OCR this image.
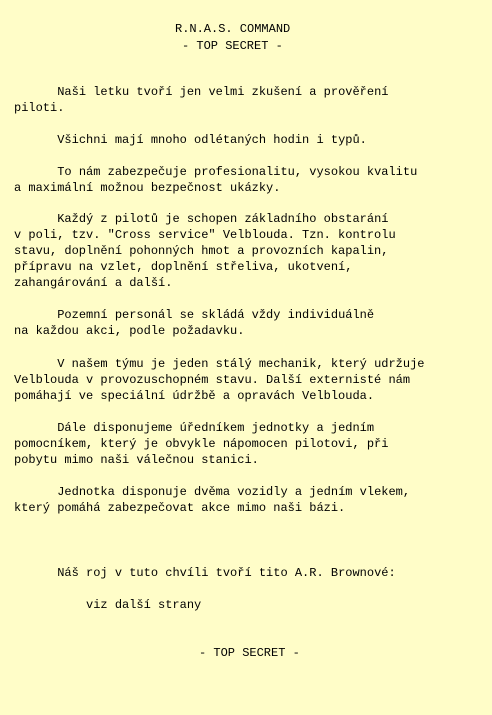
R.N.A.S. COMMAND
- TOP SECRET -

Naši letku tvoří jen velmi zkušení a prověření
piloti.

Všichni mají mnoho odlétaných hodin i typů.

To nám zabezpečuje profesionalitu, vysokou kvalitu
a maximální možnou bezpečnost ukázky.

Každý z pilotů je schopen základního obstarání
v poli, tzv. "Cross service" Velblouda. Tzn. kontrolu
stavu, doplnění pohonných hmot a provozních kapalin,
přípravu na vzlet, doplnění střeliva, ukotvení,
zahangárování a další.

Pozemní personál se skládá vždy individuálně
na každou akci, podle požadavku.

V našem týmu je jeden stálý mechanik, který udržuje
Velblouda v provozuschopném stavu. Další externisté nám
pomáhají ve speciální údržbě a opravách Velblouda.

Dále disponujeme úředníkem jednotky a jedním
pomocníkem, který je obvykle nápomocen pilotovi, při
pobytu mimo naši válečnou stanici.

Jednotka disponuje dvěma vozidly a jedním vlekem,
který pomáhá zabezpečovat akce mimo naši bázi.

Náš roj v tuto chvíli tvoří tito A.R. Brownové:

viz další strany

- TOP SECRET -
